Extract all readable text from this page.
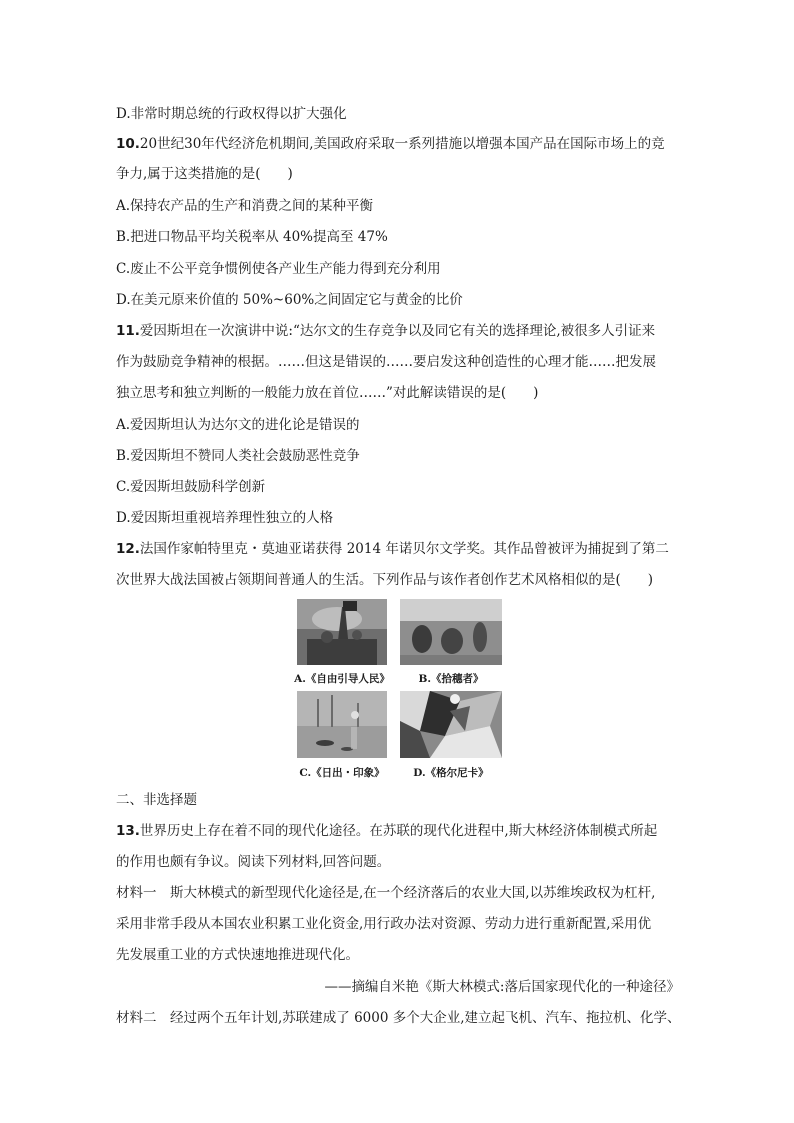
D.非常时期总统的行政权得以扩大强化
10.20世纪30年代经济危机期间,美国政府采取一系列措施以增强本国产品在国际市场上的竞
争力,属于这类措施的是(　　)
A.保持农产品的生产和消费之间的某种平衡
B.把进口物品平均关税率从 40%提高至 47%
C.废止不公平竞争惯例使各产业生产能力得到充分利用
D.在美元原来价值的 50%~60%之间固定它与黄金的比价
11.爱因斯坦在一次演讲中说:“达尔文的生存竞争以及同它有关的选择理论,被很多人引证来
作为鼓励竞争精神的根据。……但这是错误的……要启发这种创造性的心理才能……把发展
独立思考和独立判断的一般能力放在首位……”对此解读错误的是(　　)
A.爱因斯坦认为达尔文的进化论是错误的
B.爱因斯坦不赞同人类社会鼓励恶性竞争
C.爱因斯坦鼓励科学创新
D.爱因斯坦重视培养理性独立的人格
12.法国作家帕特里克・莫迪亚诺获得 2014 年诺贝尔文学奖。其作品曾被评为捕捉到了第二
次世界大战法国被占领期间普通人的生活。下列作品与该作者创作艺术风格相似的是(　　)
A.《自由引导人民》	B.《拾穗者》
C.《日出・印象》	D.《格尔尼卡》
二、非选择题
13.世界历史上存在着不同的现代化途径。在苏联的现代化进程中,斯大林经济体制模式所起
的作用也颇有争议。阅读下列材料,回答问题。
材料一　斯大林模式的新型现代化途径是,在一个经济落后的农业大国,以苏维埃政权为杠杆,
采用非常手段从本国农业积累工业化资金,用行政办法对资源、劳动力进行重新配置,采用优
先发展重工业的方式快速地推进现代化。
——摘编自米艳《斯大林模式:落后国家现代化的一种途径》
材料二　经过两个五年计划,苏联建成了 6000 多个大企业,建立起飞机、汽车、拖拉机、化学、
